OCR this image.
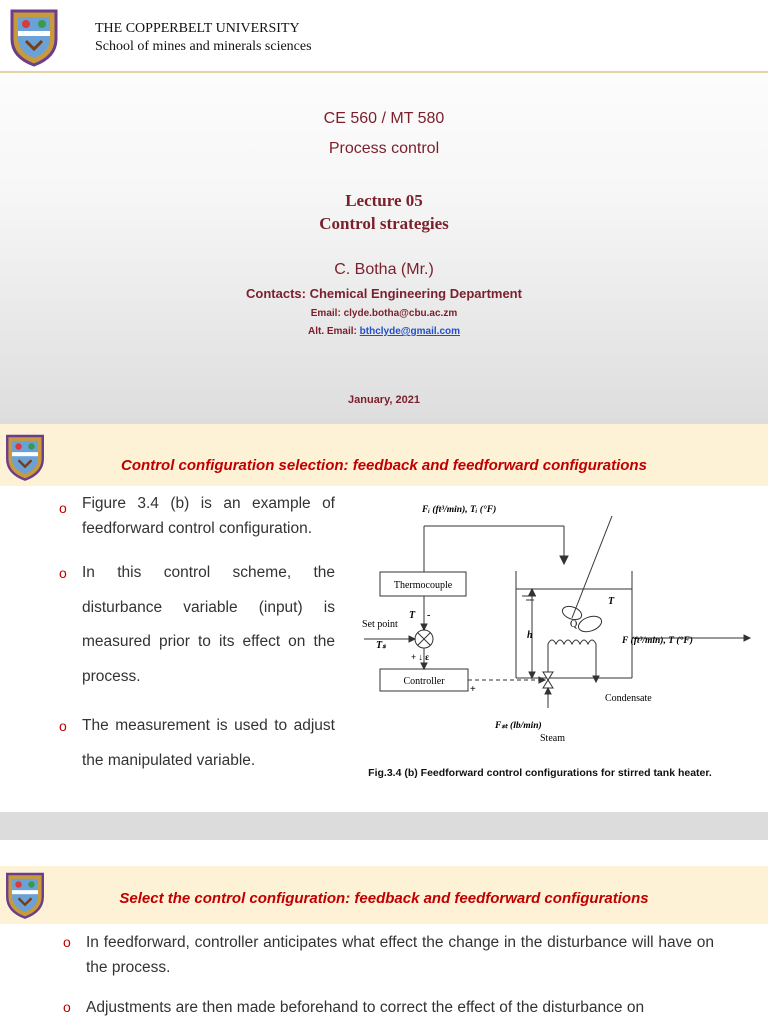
THE COPPERBELT UNIVERSITY
School of mines and minerals sciences
CE 560 / MT 580
Process control
Lecture 05
Control strategies
C. Botha (Mr.)
Contacts: Chemical Engineering Department
Email: clyde.botha@cbu.ac.zm
Alt. Email: bthclyde@gmail.com
January, 2021
Control configuration selection: feedback and feedforward configurations
o Figure 3.4 (b) is an example of feedforward control configuration.
o In this control scheme, the disturbance variable (input) is measured prior to its effect on the process.
o The measurement is used to adjust the manipulated variable.
Fᵢ (ft³/min), Tᵢ (°F)
Thermocouple
Set point
T -
Tₛ
+ ↓ ε
Controller
+
h
Q
T
F (ft³/min), T (°F)
Condensate
Fₛₜ (lb/min)
Steam
Fig.3.4 (b) Feedforward control configurations for stirred tank heater.
Select the control configuration: feedback and feedforward configurations
o In feedforward, controller anticipates what effect the change in the disturbance will have on the process.
o Adjustments are then made beforehand to correct the effect of the disturbance on
